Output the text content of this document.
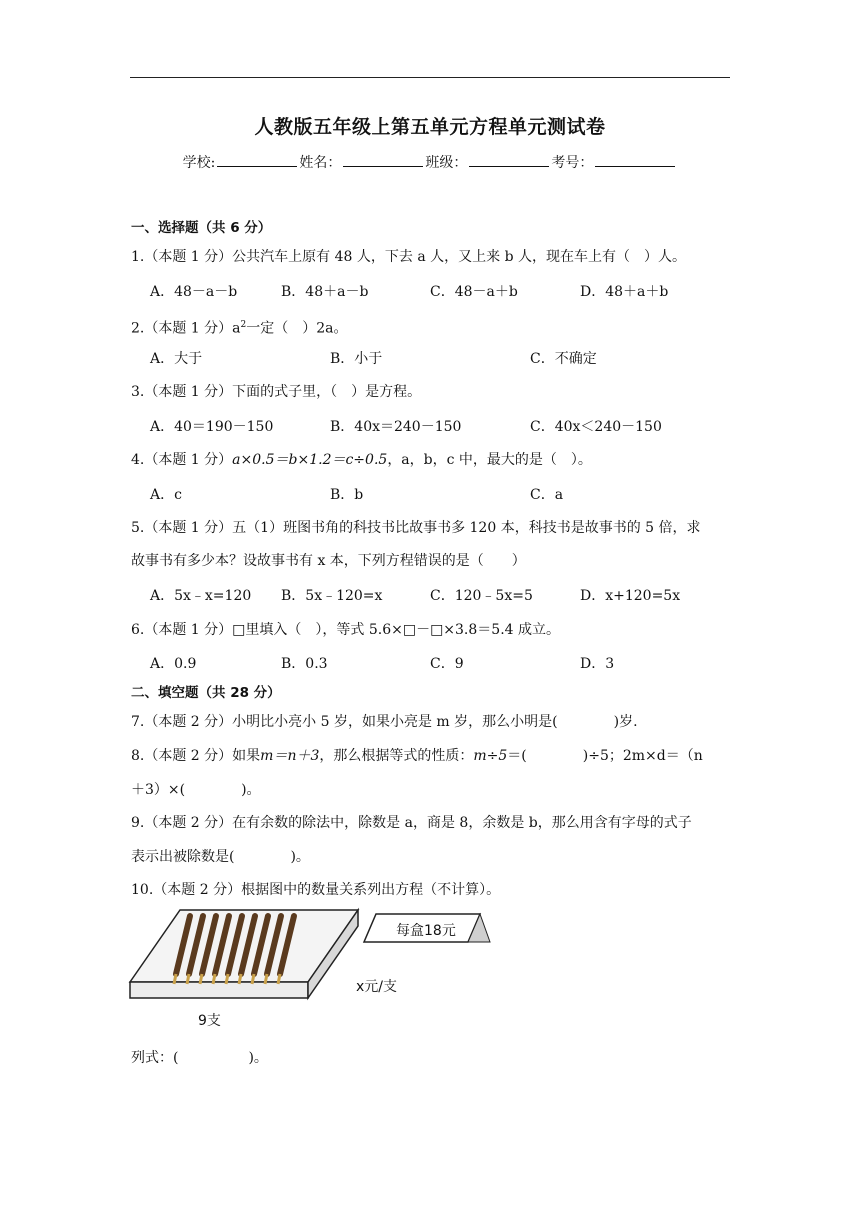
人教版五年级上第五单元方程单元测试卷
学校:	姓名：	班级：	考号：
一、选择题（共 6 分）
1.（本题 1 分）公共汽车上原有 48 人，下去 a 人，又上来 b 人，现在车上有（　）人。
A．48－a－b	B．48＋a－b	C．48－a＋b	D．48＋a＋b
2.（本题 1 分）$a^2$一定（　）2a。
A．大于	B．小于	C．不确定
3.（本题 1 分）下面的式子里，（　）是方程。
A．40＝190－150	B．40x＝240－150	C．40x＜240－150
4.（本题 1 分）a×0.5＝b×1.2＝c÷0.5，a，b，c 中，最大的是（　）。
A．c	B．b	C．a
5.（本题 1 分）五（1）班图书角的科技书比故事书多 120 本，科技书是故事书的 5 倍，求
故事书有多少本？设故事书有 x 本，下列方程错误的是（　　）
A．5x﹣x=120 B．5x﹣120=x	C．120﹣5x=5	D．x+120=5x
6.（本题 1 分）□里填入（　），等式 5.6×□－□×3.8＝5.4 成立。
A．0.9	B．0.3	C．9	D．3
二、填空题（共 28 分）
7.（本题 2 分）小明比小亮小 5 岁，如果小亮是 m 岁，那么小明是(　　　　)岁.
8.（本题 2 分）如果m＝n＋3，那么根据等式的性质：m÷5＝(　　　　)÷5；2m×d＝（n
＋3）×(　　　　)。
9.（本题 2 分）在有余数的除法中，除数是 a，商是 8，余数是 b，那么用含有字母的式子
表示出被除数是(　　　　)。
10.（本题 2 分）根据图中的数量关系列出方程（不计算）。
每盒18元
x元/支
9支
列式：(　　　　　)。
